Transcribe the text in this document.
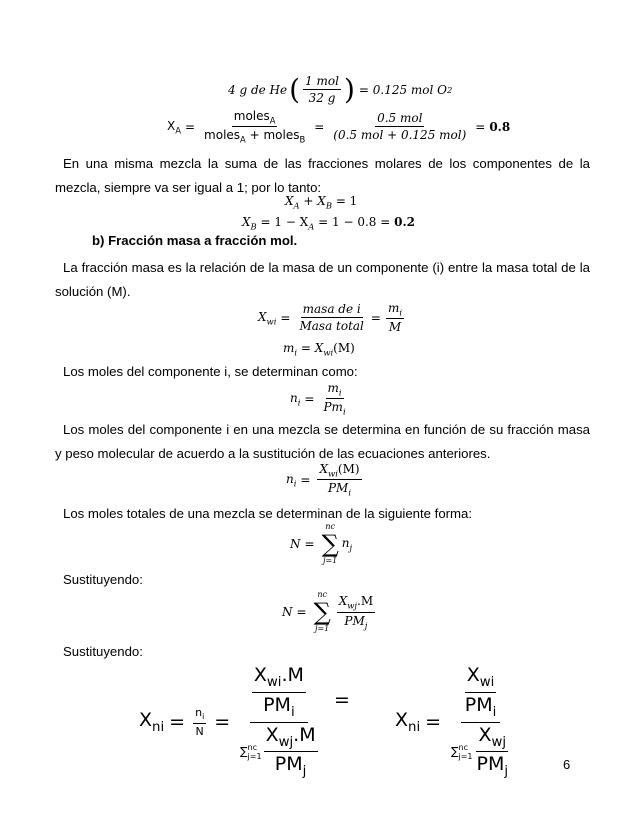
4 g de He ( $\frac{\text{1 mol}}{32 g}$ ) = 0.125 mol O 2
$X_A = \frac{moles_A}{moles_A + moles_B} = \frac{\text{0.5 mol}}{\text{(0.5 mol + 0.125 mol)}} = 0.8$
En una misma mezcla la suma de las fracciones molares de los componentes de la mezcla, siempre va ser igual a 1; por lo tanto:
$X_A + X_B = 1$
$X_B = 1 - X_A = 1 - 0.8 = 0.2$
b) Fracción masa a fracción mol.
La fracción masa es la relación de la masa de un componente (i) entre la masa total de la solución (M).
$X_{wi} = \frac{\text{masa de i}}{\text{Masa total}} = \frac{m_i}{M}$
$m_i = X_{wi}(M)$
Los moles del componente i, se determinan como:
$n_i = \frac{m_i}{Pm_i}$
Los moles del componente i en una mezcla se determina en función de su fracción masa y peso molecular de acuerdo a la sustitución de las ecuaciones anteriores.
$n_i = \frac{X_{wi}(M)}{PM_i}$
Los moles totales de una mezcla se determinan de la siguiente forma:
N =
nc
∑
j=1
$n_j$
Sustituyendo:
N =
nc
∑
$j=1 \frac{X_{wj}.M}{PM_j}$
Sustituyendo:
$X_{ni} = \frac{n_i}{N} = \frac{X_{wi}.M}{PM_i}$
∑ nc
$j=1 \frac{X_{wj}.M}{PM_j}$ =
$X_{ni} = \frac{X_{wi}}{PM_i}$
∑ nc
$j=1 \frac{X_{wj}}{PM_j}$	6
